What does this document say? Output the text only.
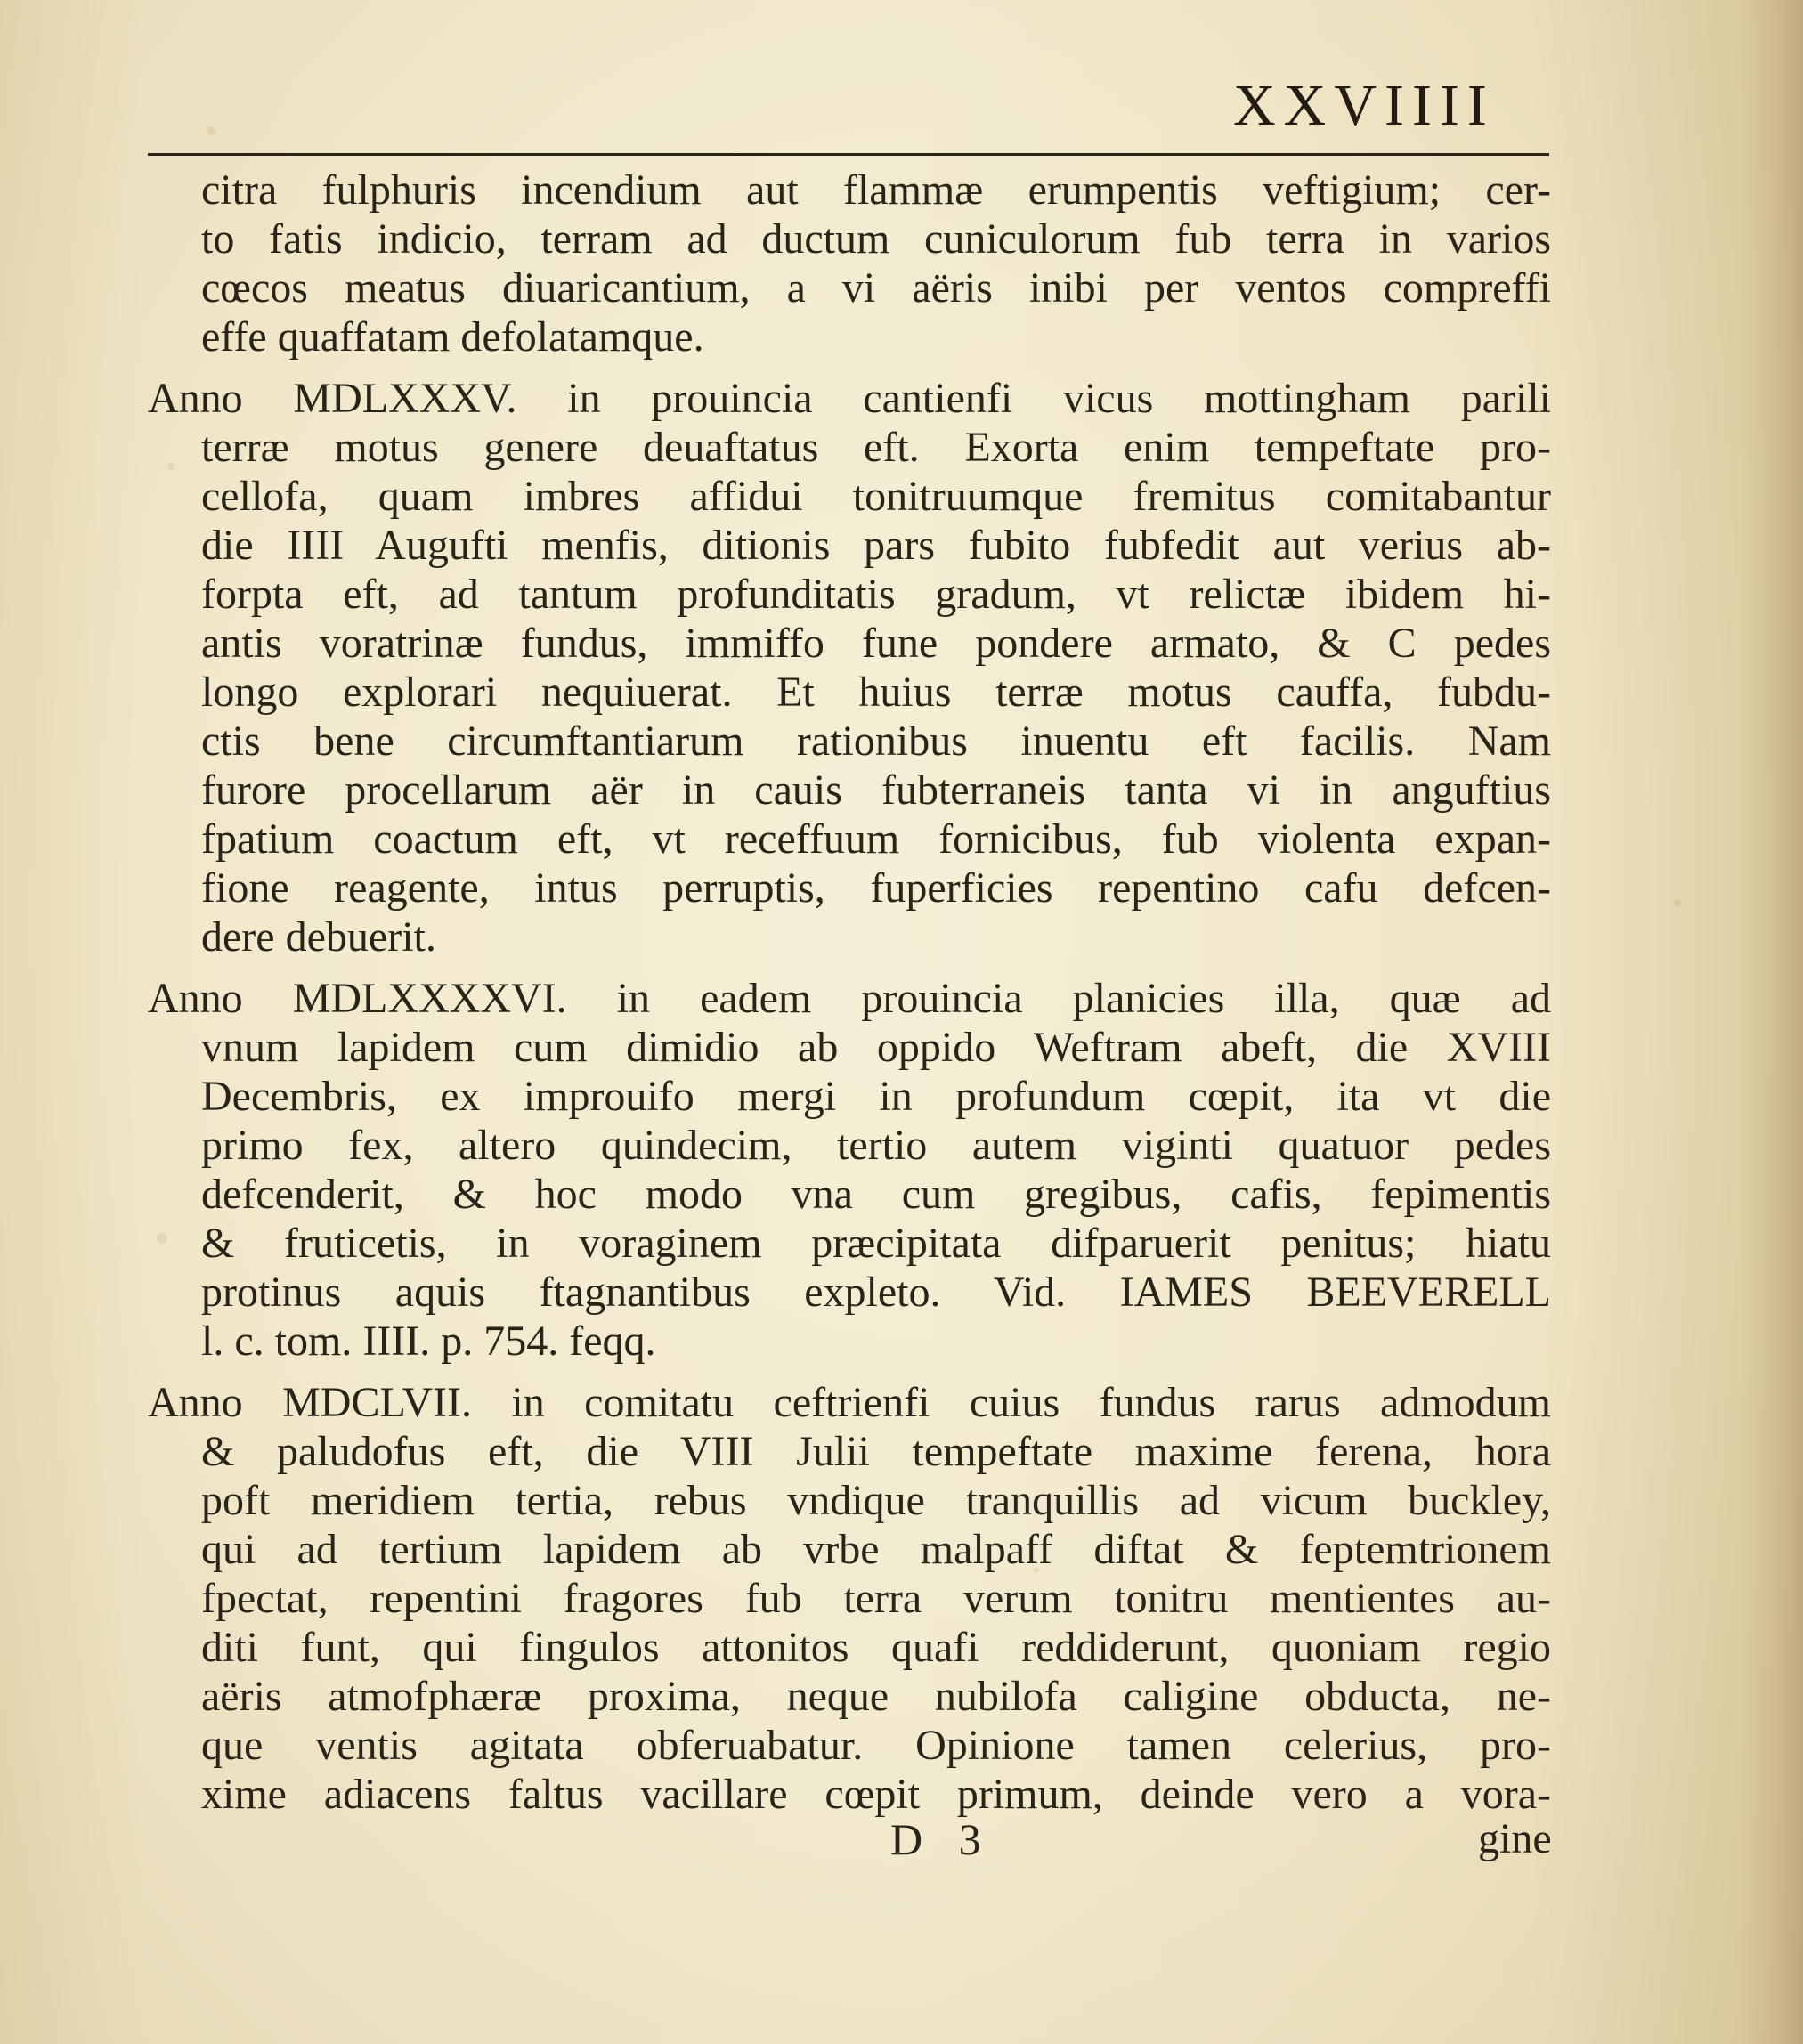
XXVIIII
citra fulphuris incendium aut flammæ erumpentis veftigium; cer-
to fatis indicio, terram ad ductum cuniculorum fub terra in varios
cœcos meatus diuaricantium, a vi aëris inibi per ventos compreffi
effe quaffatam defolatamque.
Anno MDLXXXV. in prouincia cantienfi vicus mottingham parili
terræ motus genere deuaftatus eft. Exorta enim tempeftate pro-
cellofa, quam imbres affidui tonitruumque fremitus comitabantur
die IIII Augufti menfis, ditionis pars fubito fubfedit aut verius ab-
forpta eft, ad tantum profunditatis gradum, vt relictæ ibidem hi-
antis voratrinæ fundus, immiffo fune pondere armato, & C pedes
longo explorari nequiuerat. Et huius terræ motus cauffa, fubdu-
ctis bene circumftantiarum rationibus inuentu eft facilis. Nam
furore procellarum aër in cauis fubterraneis tanta vi in anguftius
fpatium coactum eft, vt receffuum fornicibus, fub violenta expan-
fione reagente, intus perruptis, fuperficies repentino cafu defcen-
dere debuerit.
Anno MDLXXXXVI. in eadem prouincia planicies illa, quæ ad
vnum lapidem cum dimidio ab oppido Weftram abeft, die XVIII
Decembris, ex improuifo mergi in profundum cœpit, ita vt die
primo fex, altero quindecim, tertio autem viginti quatuor pedes
defcenderit, & hoc modo vna cum gregibus, cafis, fepimentis
& fruticetis, in voraginem præcipitata difparuerit penitus; hiatu
protinus aquis ftagnantibus expleto. Vid. IAMES BEEVERELL
l. c. tom. IIII. p. 754. feqq.
Anno MDCLVII. in comitatu ceftrienfi cuius fundus rarus admodum
& paludofus eft, die VIII Julii tempeftate maxime ferena, hora
poft meridiem tertia, rebus vndique tranquillis ad vicum buckley,
qui ad tertium lapidem ab vrbe malpaff diftat & feptemtrionem
fpectat, repentini fragores fub terra verum tonitru mentientes au-
diti funt, qui fingulos attonitos quafi reddiderunt, quoniam regio
aëris atmofphæræ proxima, neque nubilofa caligine obducta, ne-
que ventis agitata obferuabatur. Opinione tamen celerius, pro-
xime adiacens faltus vacillare cœpit primum, deinde vero a vora-
D 3	gine
